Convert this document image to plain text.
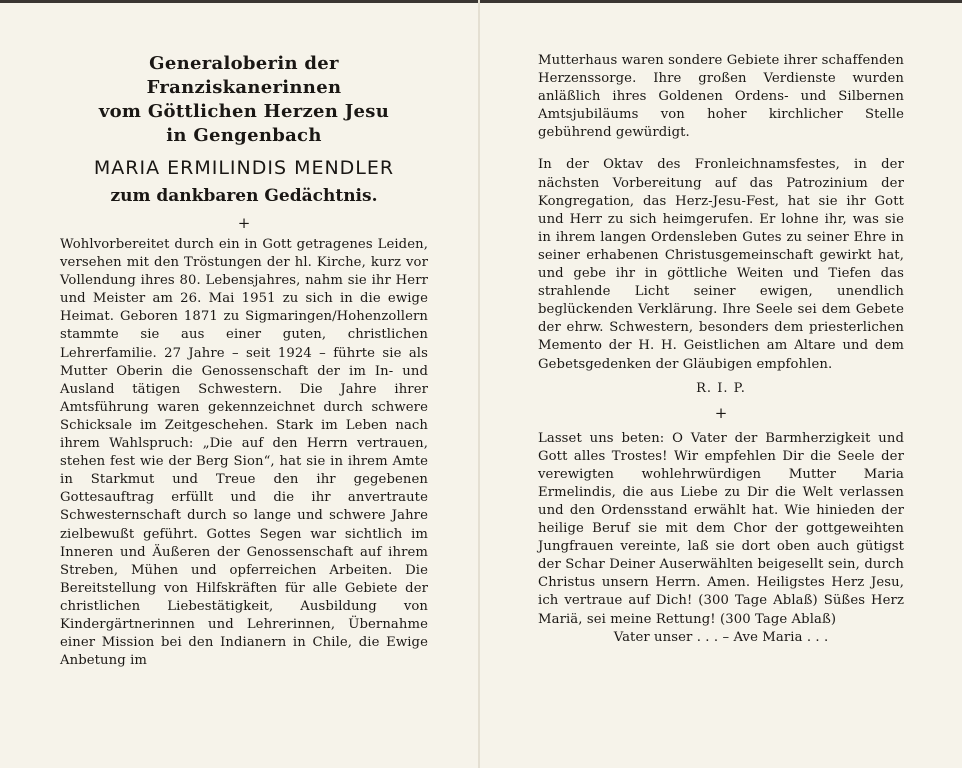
Generaloberin der Franziskanerinnen

vom Göttlichen Herzen Jesu

in Gengenbach

MARIA ERMILINDIS MENDLER

zum dankbaren Gedächtnis.

+

Wohlvorbereitet durch ein in Gott getragenes Leiden, versehen mit den Tröstungen der hl. Kirche, kurz vor Vollendung ihres 80. Lebensjahres, nahm sie ihr Herr und Meister am 26. Mai 1951 zu sich in die ewige Heimat. Geboren 1871 zu Sigmaringen/Hohenzollern stammte sie aus einer guten, christlichen Lehrerfamilie. 27 Jahre – seit 1924 – führte sie als Mutter Oberin die Genossenschaft der im In- und Ausland tätigen Schwestern. Die Jahre ihrer Amtsführung waren gekennzeichnet durch schwere Schicksale im Zeitgeschehen. Stark im Leben nach ihrem Wahlspruch: „Die auf den Herrn vertrauen, stehen fest wie der Berg Sion“, hat sie in ihrem Amte in Starkmut und Treue den ihr gegebenen Gottesauftrag erfüllt und die ihr anvertraute Schwesternschaft durch so lange und schwere Jahre zielbewußt geführt. Gottes Segen war sichtlich im Inneren und Äußeren der Genossenschaft auf ihrem Streben, Mühen und opferreichen Arbeiten. Die Bereitstellung von Hilfskräften für alle Gebiete der christlichen Liebestätigkeit, Ausbildung von Kindergärtnerinnen und Lehrerinnen, Übernahme einer Mission bei den Indianern in Chile, die Ewige Anbetung im

Mutterhaus waren sondere Gebiete ihrer schaffenden Herzenssorge. Ihre großen Verdienste wurden anläßlich ihres Goldenen Ordens- und Silbernen Amtsjubiläums von hoher kirchlicher Stelle gebührend gewürdigt.

In der Oktav des Fronleichnamsfestes, in der nächsten Vorbereitung auf das Patrozinium der Kongregation, das Herz-Jesu-Fest, hat sie ihr Gott und Herr zu sich heimgerufen. Er lohne ihr, was sie in ihrem langen Ordensleben Gutes zu seiner Ehre in seiner erhabenen Christusgemeinschaft gewirkt hat, und gebe ihr in göttliche Weiten und Tiefen das strahlende Licht seiner ewigen, unendlich beglückenden Verklärung. Ihre Seele sei dem Gebete der ehrw. Schwestern, besonders dem priesterlichen Memento der H. H. Geistlichen am Altare und dem Gebetsgedenken der Gläubigen empfohlen.

R. I. P.

+

Lasset uns beten: O Vater der Barmherzigkeit und Gott alles Trostes! Wir empfehlen Dir die Seele der verewigten wohlehrwürdigen Mutter Maria Ermelindis, die aus Liebe zu Dir die Welt verlassen und den Ordensstand erwählt hat. Wie hinieden der heilige Beruf sie mit dem Chor der gottgeweihten Jungfrauen vereinte, laß sie dort oben auch gütigst der Schar Deiner Auserwählten beigesellt sein, durch Christus unsern Herrn. Amen. Heiligstes Herz Jesu, ich vertraue auf Dich! (300 Tage Ablaß) Süßes Herz Mariä, sei meine Rettung! (300 Tage Ablaß)

Vater unser . . . – Ave Maria . . .
